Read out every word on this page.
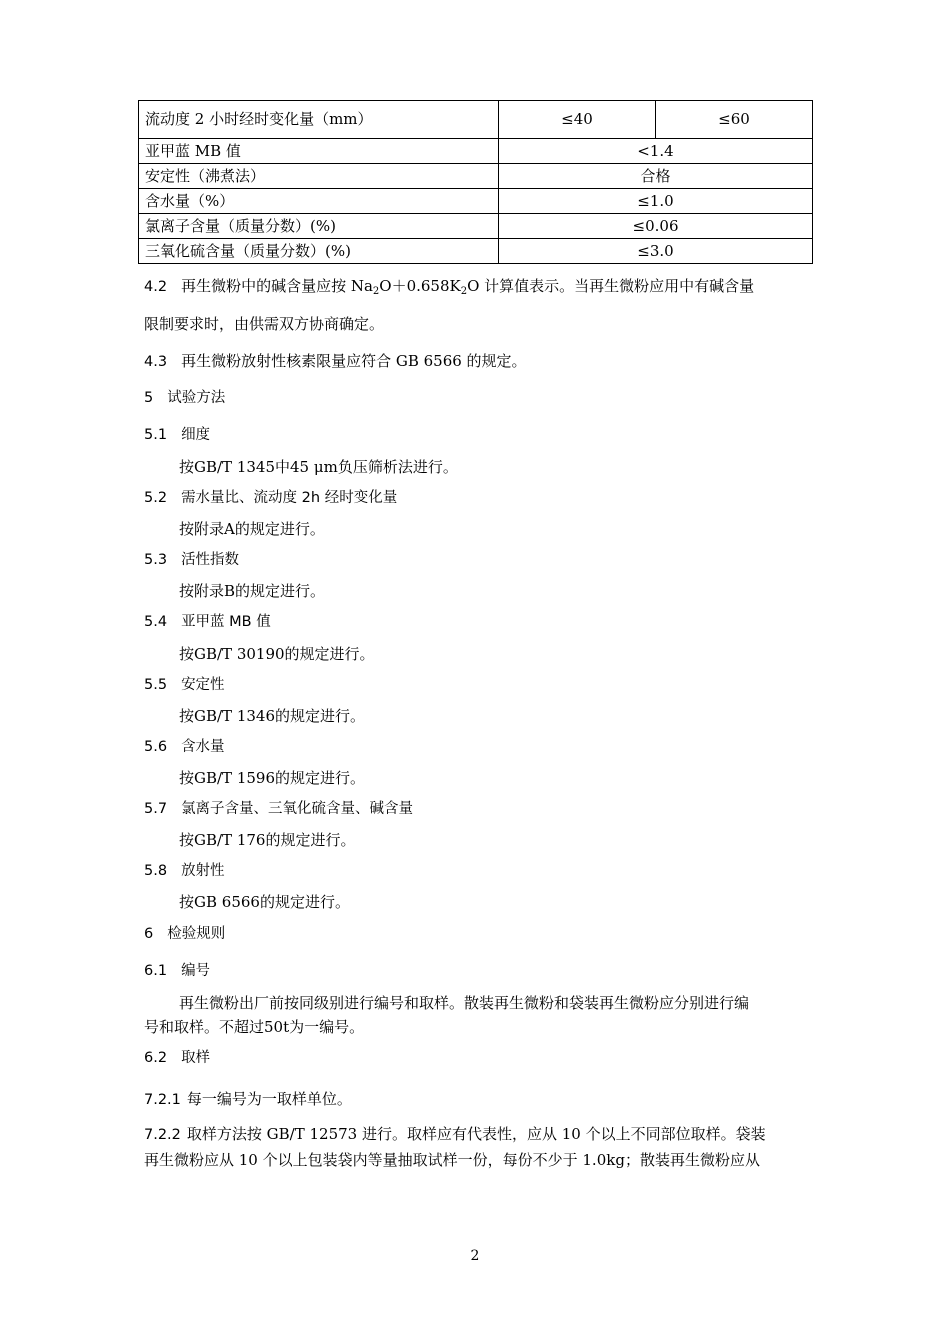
流动度 2 小时经时变化量（mm）	≤40	≤60
亚甲蓝 MB 值	<1.4	
安定性（沸煮法）	合格	
含水量（%）	≤1.0	
氯离子含量（质量分数）(%)	≤0.06	
三氧化硫含量（质量分数）(%)	≤3.0	
4.2 再生微粉中的碱含量应按 $Na_2O+0.658K_2O$ 计算值表示。当再生微粉应用中有碱含量
限制要求时，由供需双方协商确定。
4.3 再生微粉放射性核素限量应符合 GB 6566 的规定。
5 试验方法
5.1 细度
按GB/T 1345中45 μm负压筛析法进行。
5.2 需水量比、流动度 2h 经时变化量
按附录A的规定进行。
5.3 活性指数
按附录B的规定进行。
5.4 亚甲蓝 MB 值
按GB/T 30190的规定进行。
5.5 安定性
按GB/T 1346的规定进行。
5.6 含水量
按GB/T 1596的规定进行。
5.7 氯离子含量、三氧化硫含量、碱含量
按GB/T 176的规定进行。
5.8 放射性
按GB 6566的规定进行。
6 检验规则
6.1 编号
再生微粉出厂前按同级别进行编号和取样。散装再生微粉和袋装再生微粉应分别进行编
号和取样。不超过50t为一编号。
6.2 取样
7.2.1 每一编号为一取样单位。
7.2.2 取样方法按 GB/T 12573 进行。取样应有代表性，应从 10 个以上不同部位取样。袋装
再生微粉应从 10 个以上包装袋内等量抽取试样一份，每份不少于 1.0kg；散装再生微粉应从
2
